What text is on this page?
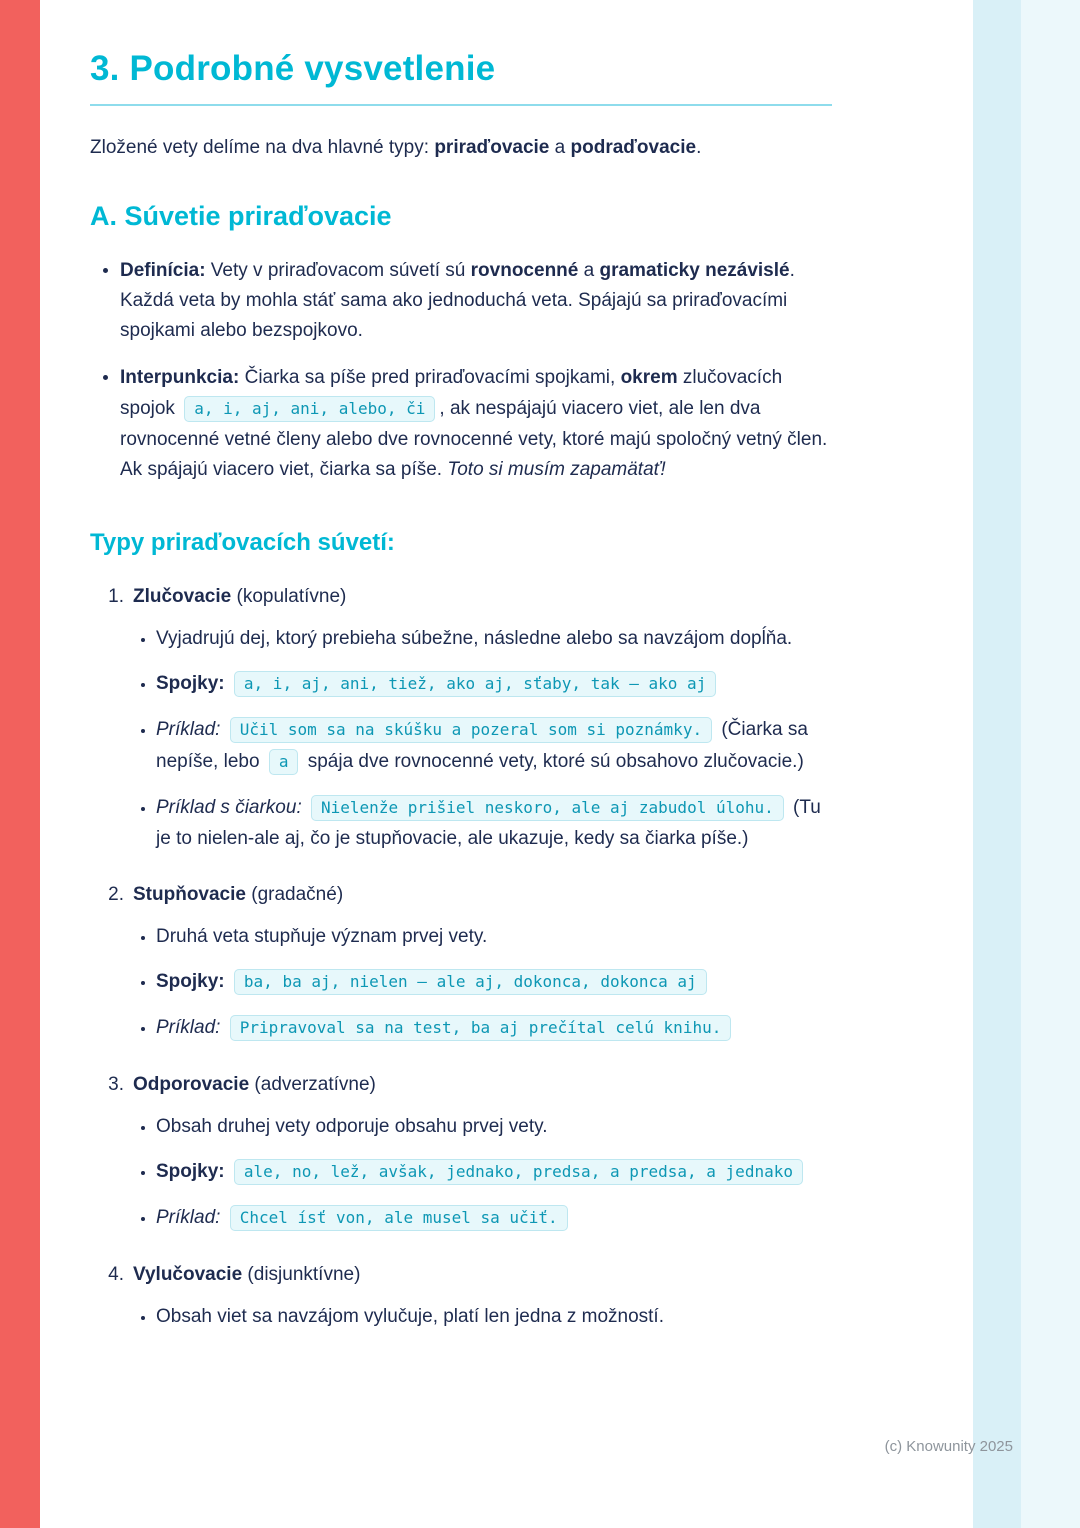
3. Podrobné vysvetlenie

Zložené vety delíme na dva hlavné typy: priraďovacie a podraďovacie.

A. Súvetie priraďovacie

• Definícia: Vety v priraďovacom súvetí sú rovnocenné a gramaticky nezávislé. Každá veta by mohla stáť sama ako jednoduchá veta. Spájajú sa priraďovacími spojkami alebo bezspojkovo.

• Interpunkcia: Čiarka sa píše pred priraďovacími spojkami, okrem zlučovacích spojok a, i, aj, ani, alebo, či , ak nespájajú viacero viet, ale len dva rovnocenné vetné členy alebo dve rovnocenné vety, ktoré majú spoločný vetný člen. Ak spájajú viacero viet, čiarka sa píše. Toto si musím zapamätať!

Typy priraďovacích súvetí:
1. Zlučovacie (kopulatívne)

• Vyjadrujú dej, ktorý prebieha súbežne, následne alebo sa navzájom dopĺňa.

• Spojky: a, i, aj, ani, tiež, ako aj, sťaby, tak – ako aj

• Príklad: Učil som sa na skúšku a pozeral som si poznámky. (Čiarka sa nepíše, lebo a spája dve rovnocenné vety, ktoré sú obsahovo zlučovacie.)

• Príklad s čiarkou: Nielenže prišiel neskoro, ale aj zabudol úlohu. (Tu je to nielen-ale aj, čo je stupňovacie, ale ukazuje, kedy sa čiarka píše.)

2. Stupňovacie (gradačné)

• Druhá veta stupňuje význam prvej vety.

• Spojky: ba, ba aj, nielen – ale aj, dokonca, dokonca aj

• Príklad: Pripravoval sa na test, ba aj prečítal celú knihu.

3. Odporovacie (adverzatívne)

• Obsah druhej vety odporuje obsahu prvej vety.

• Spojky: ale, no, lež, avšak, jednako, predsa, a predsa, a jednako

• Príklad: Chcel ísť von, ale musel sa učiť.

4. Vylučovacie (disjunktívne)

• Obsah viet sa navzájom vylučuje, platí len jedna z možností.

(c) Knowunity 2025
